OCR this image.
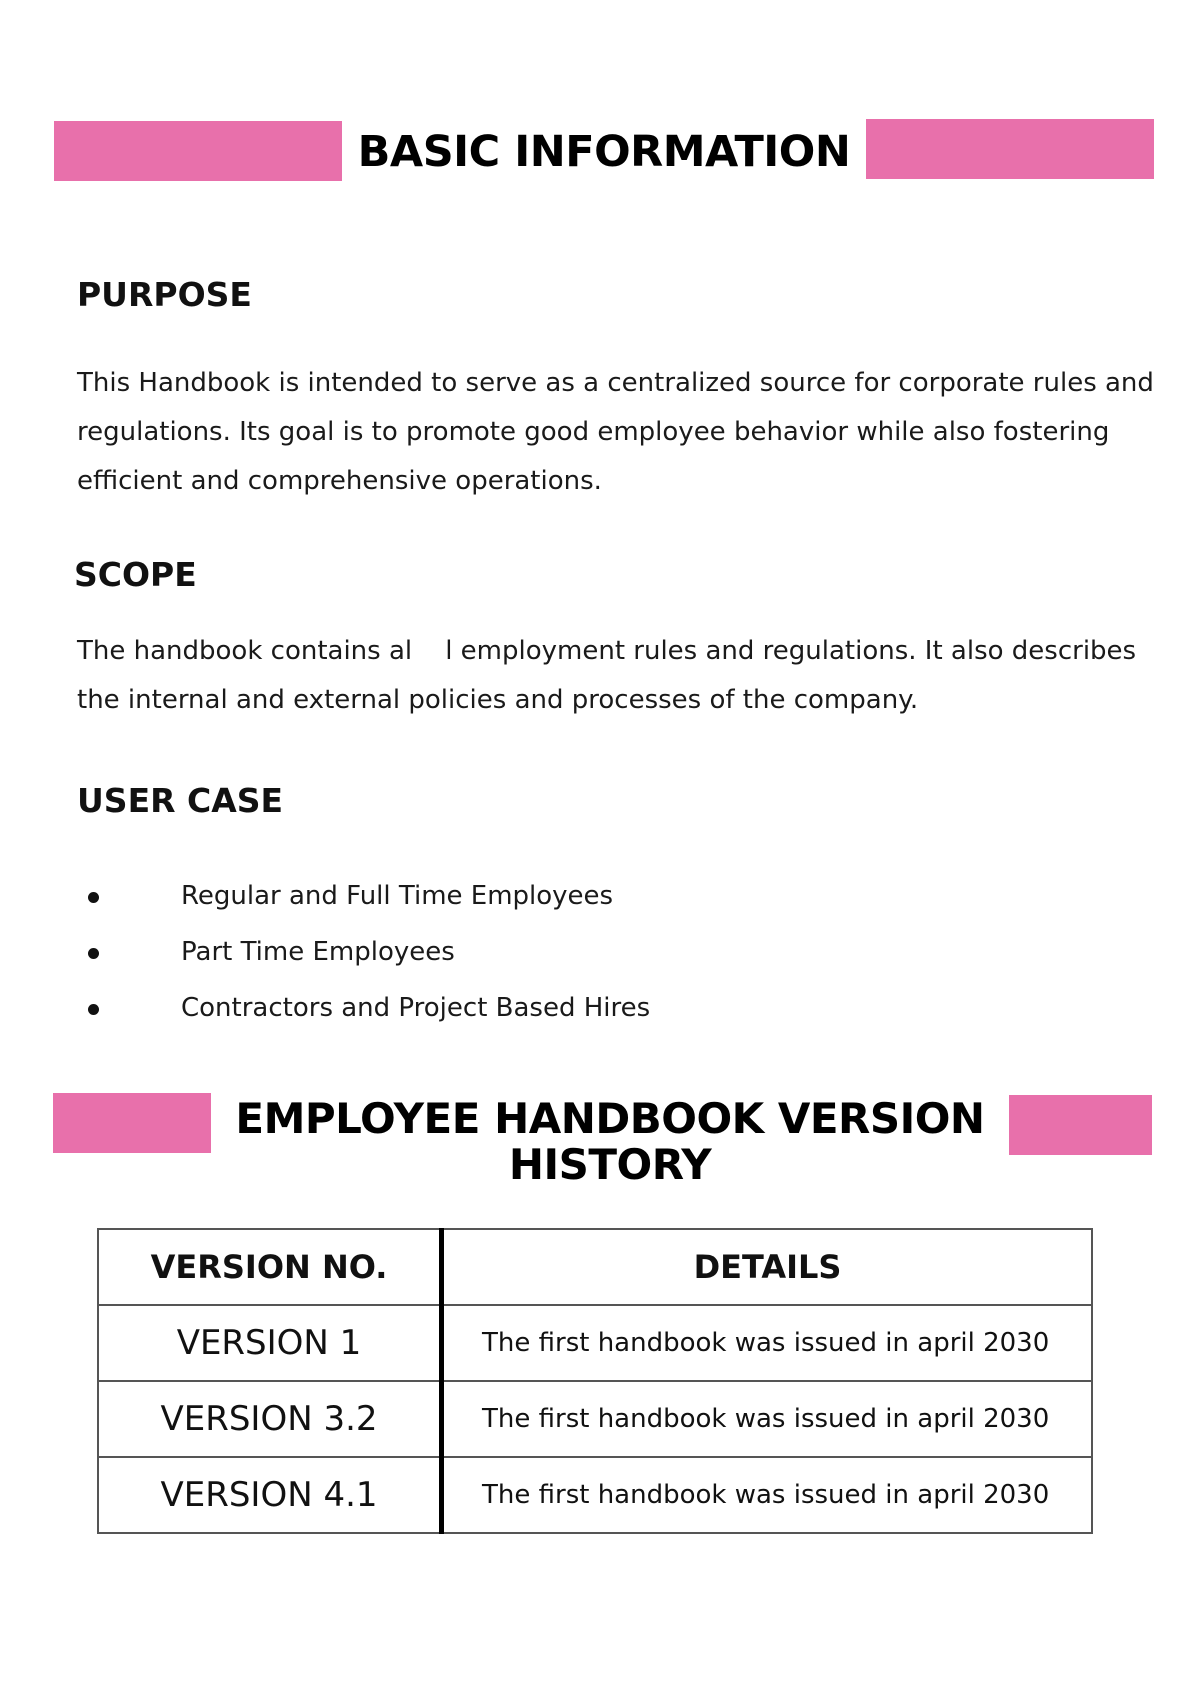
BASIC INFORMATION
PURPOSE

This Handbook is intended to serve as a centralized source for corporate rules and regulations. Its goal is to promote good employee behavior while also fostering efficient and comprehensive operations.

SCOPE

The handbook contains al    l employment rules and regulations. It also describes the internal and external policies and processes of the company.

USER CASE
Regular and Full Time Employees
Part Time Employees
Contractors and Project Based Hires
EMPLOYEE HANDBOOK VERSION
HISTORY
VERSION NO.	DETAILS
VERSION 1	The first handbook was issued in april 2030
VERSION 3.2	The first handbook was issued in april 2030
VERSION 4.1	The first handbook was issued in april 2030
